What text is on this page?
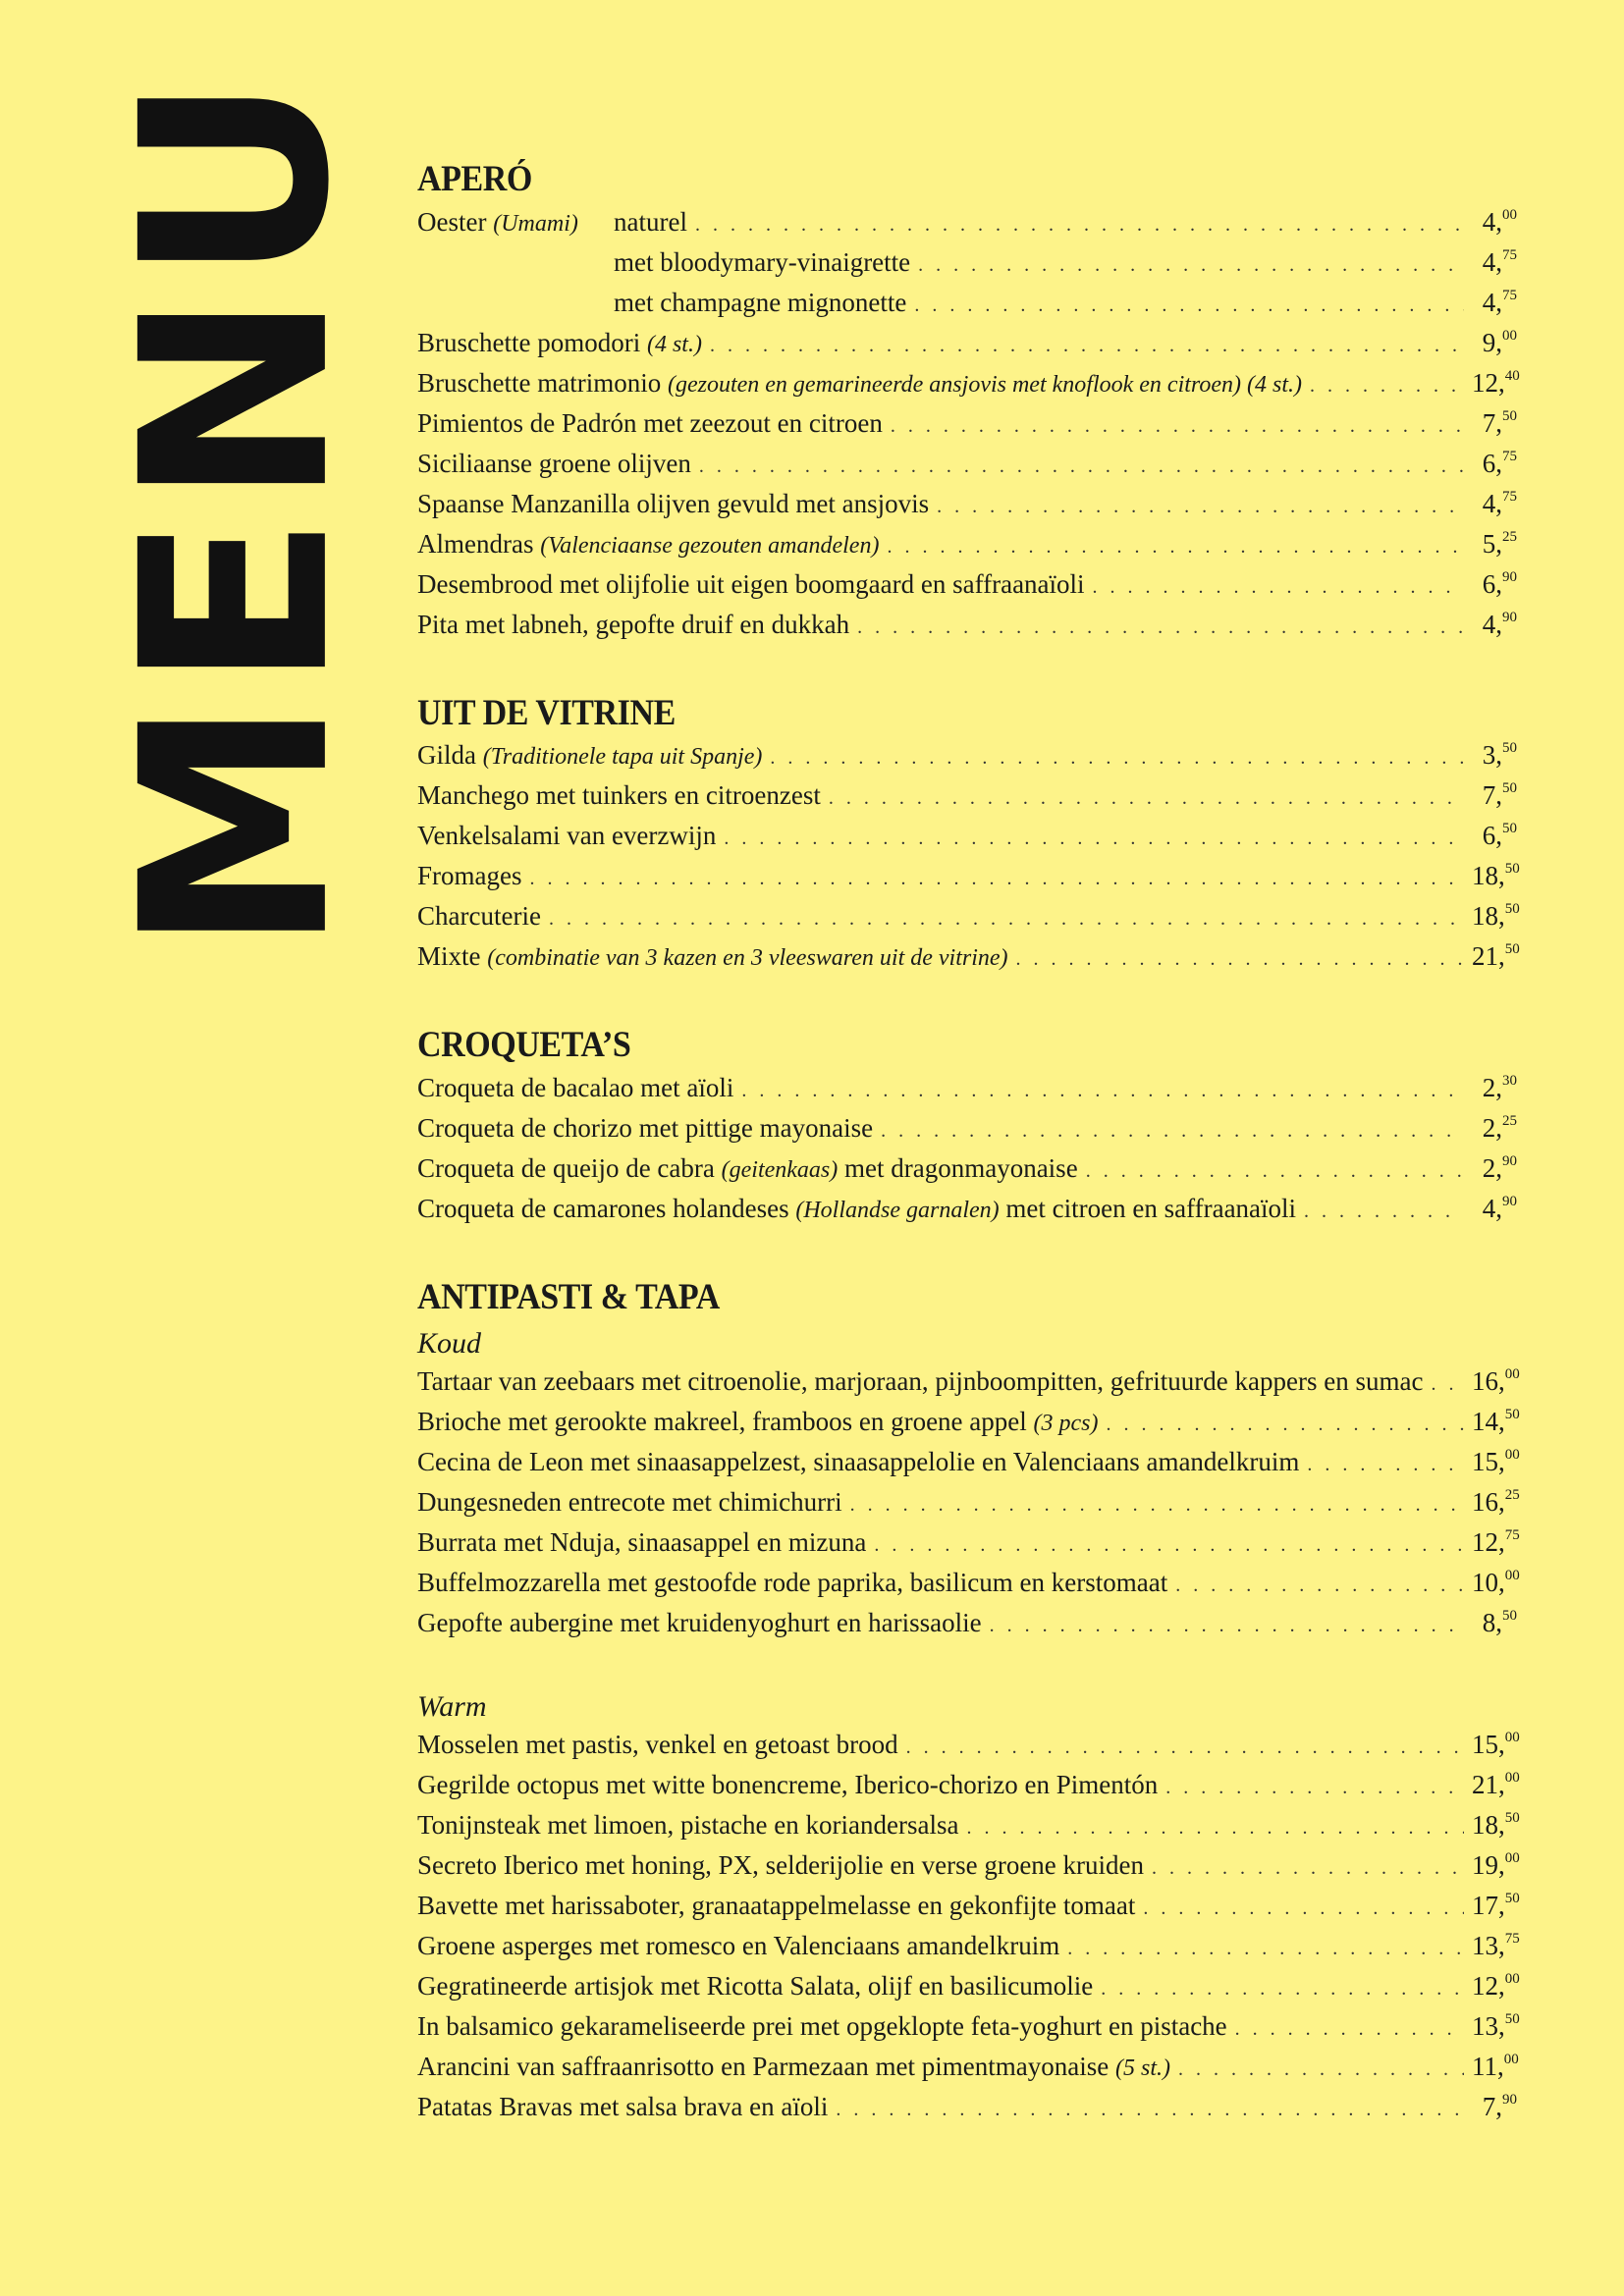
MENU APERÓ
Oester (Umami) naturel . . .	4,00
met bloodymary-vinaigrette . . .	4,75
met champagne mignonette . . .	4,75
Bruschette pomodori (4 st.) . . .	9,00
Bruschette matrimonio (gezouten en gemarineerde ansjovis met knoflook en citroen) (4 st.) . . .	12,40
Pimientos de Padrón met zeezout en citroen . . .	7,50
Siciliaanse groene olijven . . .	6,75
Spaanse Manzanilla olijven gevuld met ansjovis . . .	4,75
Almendras (Valenciaanse gezouten amandelen) . . .	5,25
Desembrood met olijfolie uit eigen boomgaard en saffraanaïoli . . .	6,90
Pita met labneh, gepofte druif en dukkah . . .	4,90
UIT DE VITRINE
Gilda (Traditionele tapa uit Spanje) . . .	3,50
Manchego met tuinkers en citroenzest . . .	7,50
Venkelsalami van everzwijn . . .	6,50
Fromages . . .	18,50
Charcuterie . . .	18,50
Mixte (combinatie van 3 kazen en 3 vleeswaren uit de vitrine) . . .	21,50
CROQUETA’S
Croqueta de bacalao met aïoli . . .	2,30
Croqueta de chorizo met pittige mayonaise . . .	2,25
Croqueta de queijo de cabra (geitenkaas) met dragonmayonaise . . .	2,90
Croqueta de camarones holandeses (Hollandse garnalen) met citroen en saffraanaïoli . . .	4,90
ANTIPASTI & TAPA
Koud
Tartaar van zeebaars met citroenolie, marjoraan, pijnboompitten, gefrituurde kappers en sumac . . . 16,00
Brioche met gerookte makreel, framboos en groene appel (3 pcs) . . .	14,50
Cecina de Leon met sinaasappelzest, sinaasappelolie en Valenciaans amandelkruim . . .	15,00
Dungesneden entrecote met chimichurri . . .	16,25
Burrata met Nduja, sinaasappel en mizuna . . .	12,75
Buffelmozzarella met gestoofde rode paprika, basilicum en kerstomaat . . .	10,00
Gepofte aubergine met kruidenyoghurt en harissaolie . . .	8,50
Warm
Mosselen met pastis, venkel en getoast brood . . .	15,00
Gegrilde octopus met witte bonencreme, Iberico-chorizo en Pimentón . . .	21,00
Tonijnsteak met limoen, pistache en koriandersalsa . . .	18,50
Secreto Iberico met honing, PX, selderijolie en verse groene kruiden . . .	19,00
Bavette met harissaboter, granaatappelmelasse en gekonfijte tomaat . . .	17,50
Groene asperges met romesco en Valenciaans amandelkruim . . .	13,75
Gegratineerde artisjok met Ricotta Salata, olijf en basilicumolie . . .	12,00
In balsamico gekarameliseerde prei met opgeklopte feta-yoghurt en pistache . . .	13,50
Arancini van saffraanrisotto en Parmezaan met pimentmayonaise (5 st.) . . .	11,00
Patatas Bravas met salsa brava en aïoli . . .	7,90
